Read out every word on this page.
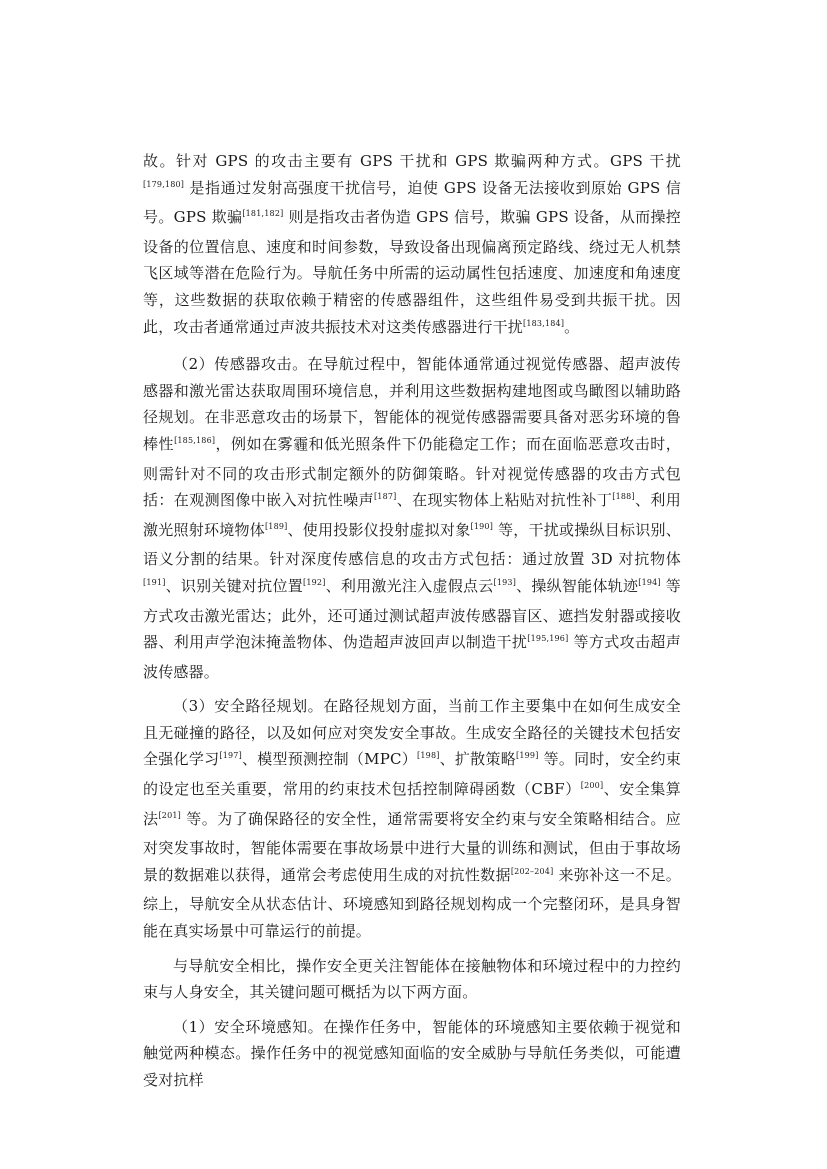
故。针对 GPS 的攻击主要有 GPS 干扰和 GPS 欺骗两种方式。GPS 干扰[179,180] 是指通过发射高强度干扰信号，迫使 GPS 设备无法接收到原始 GPS 信号。GPS 欺骗[181,182] 则是指攻击者伪造 GPS 信号，欺骗 GPS 设备，从而操控设备的位置信息、速度和时间参数，导致设备出现偏离预定路线、绕过无人机禁飞区域等潜在危险行为。导航任务中所需的运动属性包括速度、加速度和角速度等，这些数据的获取依赖于精密的传感器组件，这些组件易受到共振干扰。因此，攻击者通常通过声波共振技术对这类传感器进行干扰[183,184]。

（2）传感器攻击。在导航过程中，智能体通常通过视觉传感器、超声波传感器和激光雷达获取周围环境信息，并利用这些数据构建地图或鸟瞰图以辅助路径规划。在非恶意攻击的场景下，智能体的视觉传感器需要具备对恶劣环境的鲁棒性[185,186]，例如在雾霾和低光照条件下仍能稳定工作；而在面临恶意攻击时，则需针对不同的攻击形式制定额外的防御策略。针对视觉传感器的攻击方式包括：在观测图像中嵌入对抗性噪声[187]、在现实物体上粘贴对抗性补丁[188]、利用激光照射环境物体[189]、使用投影仪投射虚拟对象[190] 等，干扰或操纵目标识别、语义分割的结果。针对深度传感信息的攻击方式包括：通过放置 3D 对抗物体[191]、识别关键对抗位置[192]、利用激光注入虚假点云[193]、操纵智能体轨迹[194] 等方式攻击激光雷达；此外，还可通过测试超声波传感器盲区、遮挡发射器或接收器、利用声学泡沫掩盖物体、伪造超声波回声以制造干扰[195,196] 等方式攻击超声波传感器。

（3）安全路径规划。在路径规划方面，当前工作主要集中在如何生成安全且无碰撞的路径，以及如何应对突发安全事故。生成安全路径的关键技术包括安全强化学习[197]、模型预测控制（MPC）[198]、扩散策略[199] 等。同时，安全约束的设定也至关重要，常用的约束技术包括控制障碍函数（CBF）[200]、安全集算法[201] 等。为了确保路径的安全性，通常需要将安全约束与安全策略相结合。应对突发事故时，智能体需要在事故场景中进行大量的训练和测试，但由于事故场景的数据难以获得，通常会考虑使用生成的对抗性数据[202–204] 来弥补这一不足。综上，导航安全从状态估计、环境感知到路径规划构成一个完整闭环，是具身智能在真实场景中可靠运行的前提。

与导航安全相比，操作安全更关注智能体在接触物体和环境过程中的力控约束与人身安全，其关键问题可概括为以下两方面。

（1）安全环境感知。在操作任务中，智能体的环境感知主要依赖于视觉和触觉两种模态。操作任务中的视觉感知面临的安全威胁与导航任务类似，可能遭受对抗样
